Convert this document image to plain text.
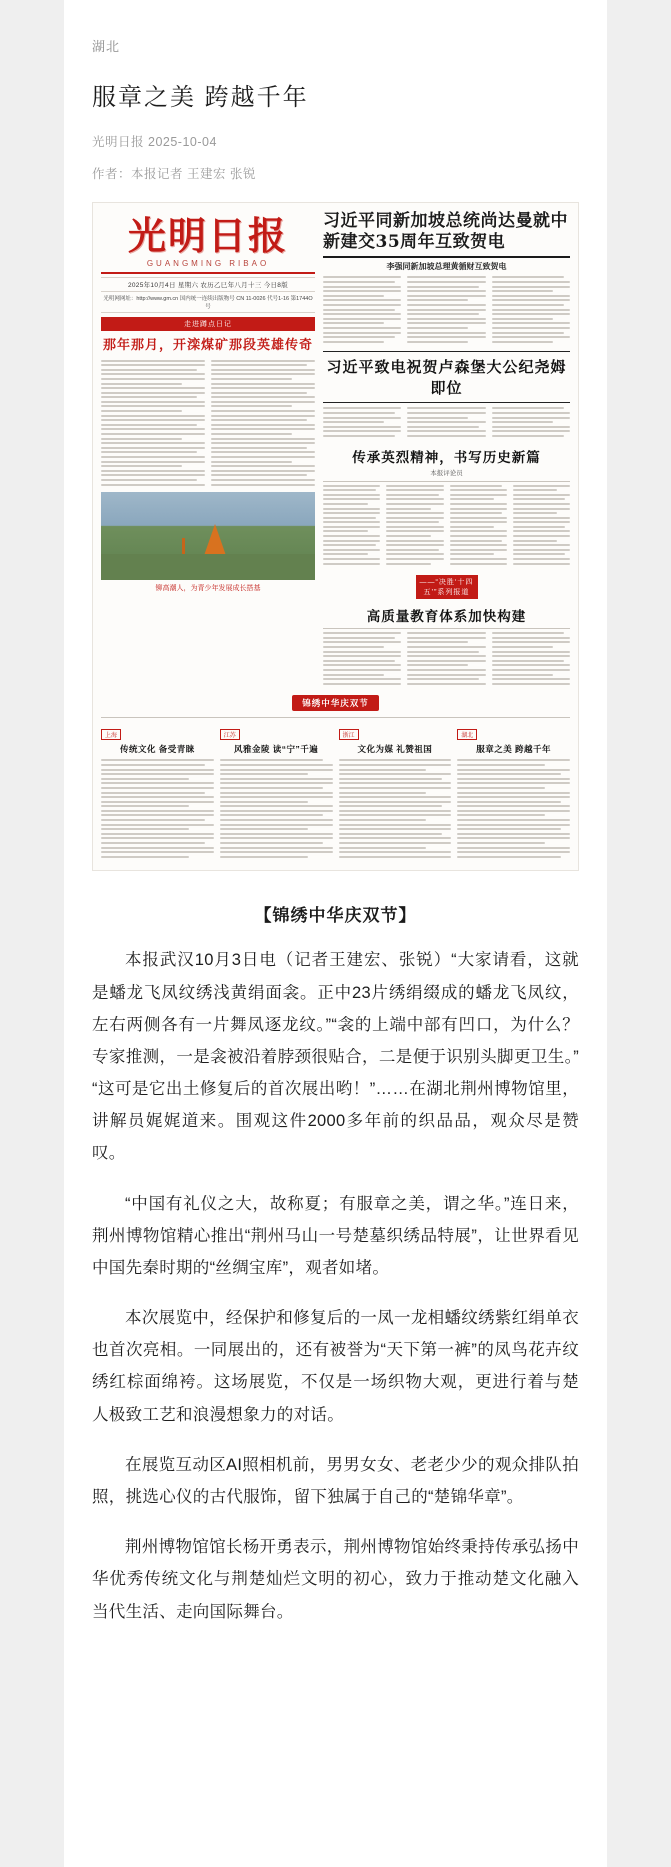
湖北
服章之美 跨越千年
光明日报 2025-10-04
作者：本报记者 王建宏 张锐
光明日报
GUANGMING RIBAO
2025年10月4日 星期六 农历乙巳年八月十三 今日8版
光明网网址：http://www.gm.cn 国内统一连续出版物号 CN 11-0026 代号1-16 第1744O号
走进蹲点日记
那年那月，开滦煤矿那段英雄传奇
铆高潮人，为青少年发展成长搭基
习近平同新加坡总统尚达曼就中新建交35周年互致贺电
李强同新加坡总理黄循财互致贺电
习近平致电祝贺卢森堡大公纪尧姆即位
传承英烈精神，书写历史新篇
本报评论员
——“决胜‘十四五’”系列报道
高质量教育体系加快构建
锦绣中华庆双节
上海
传统文化 备受青睐
江苏
风雅金陵 读“宁”千遍
浙江
文化为媒 礼赞祖国
湖北
服章之美 跨越千年
【锦绣中华庆双节】

本报武汉10月3日电（记者王建宏、张锐）“大家请看，这就是蟠龙飞凤纹绣浅黄绢面衾。正中23片绣绢缀成的蟠龙飞凤纹，左右两侧各有一片舞凤逐龙纹。”“衾的上端中部有凹口，为什么？专家推测，一是衾被沿着脖颈很贴合，二是便于识别头脚更卫生。”“这可是它出土修复后的首次展出哟！”……在湖北荆州博物馆里，讲解员娓娓道来。围观这件2000多年前的织品品，观众尽是赞叹。

“中国有礼仪之大，故称夏；有服章之美，谓之华。”连日来，荆州博物馆精心推出“荆州马山一号楚墓织绣品特展”，让世界看见中国先秦时期的“丝绸宝库”，观者如堵。

本次展览中，经保护和修复后的一凤一龙相蟠纹绣紫红绢单衣也首次亮相。一同展出的，还有被誉为“天下第一裤”的凤鸟花卉纹绣红棕面绵袴。这场展览，不仅是一场织物大观，更进行着与楚人极致工艺和浪漫想象力的对话。

在展览互动区AI照相机前，男男女女、老老少少的观众排队拍照，挑选心仪的古代服饰，留下独属于自己的“楚锦华章”。

荆州博物馆馆长杨开勇表示，荆州博物馆始终秉持传承弘扬中华优秀传统文化与荆楚灿烂文明的初心，致力于推动楚文化融入当代生活、走向国际舞台。
